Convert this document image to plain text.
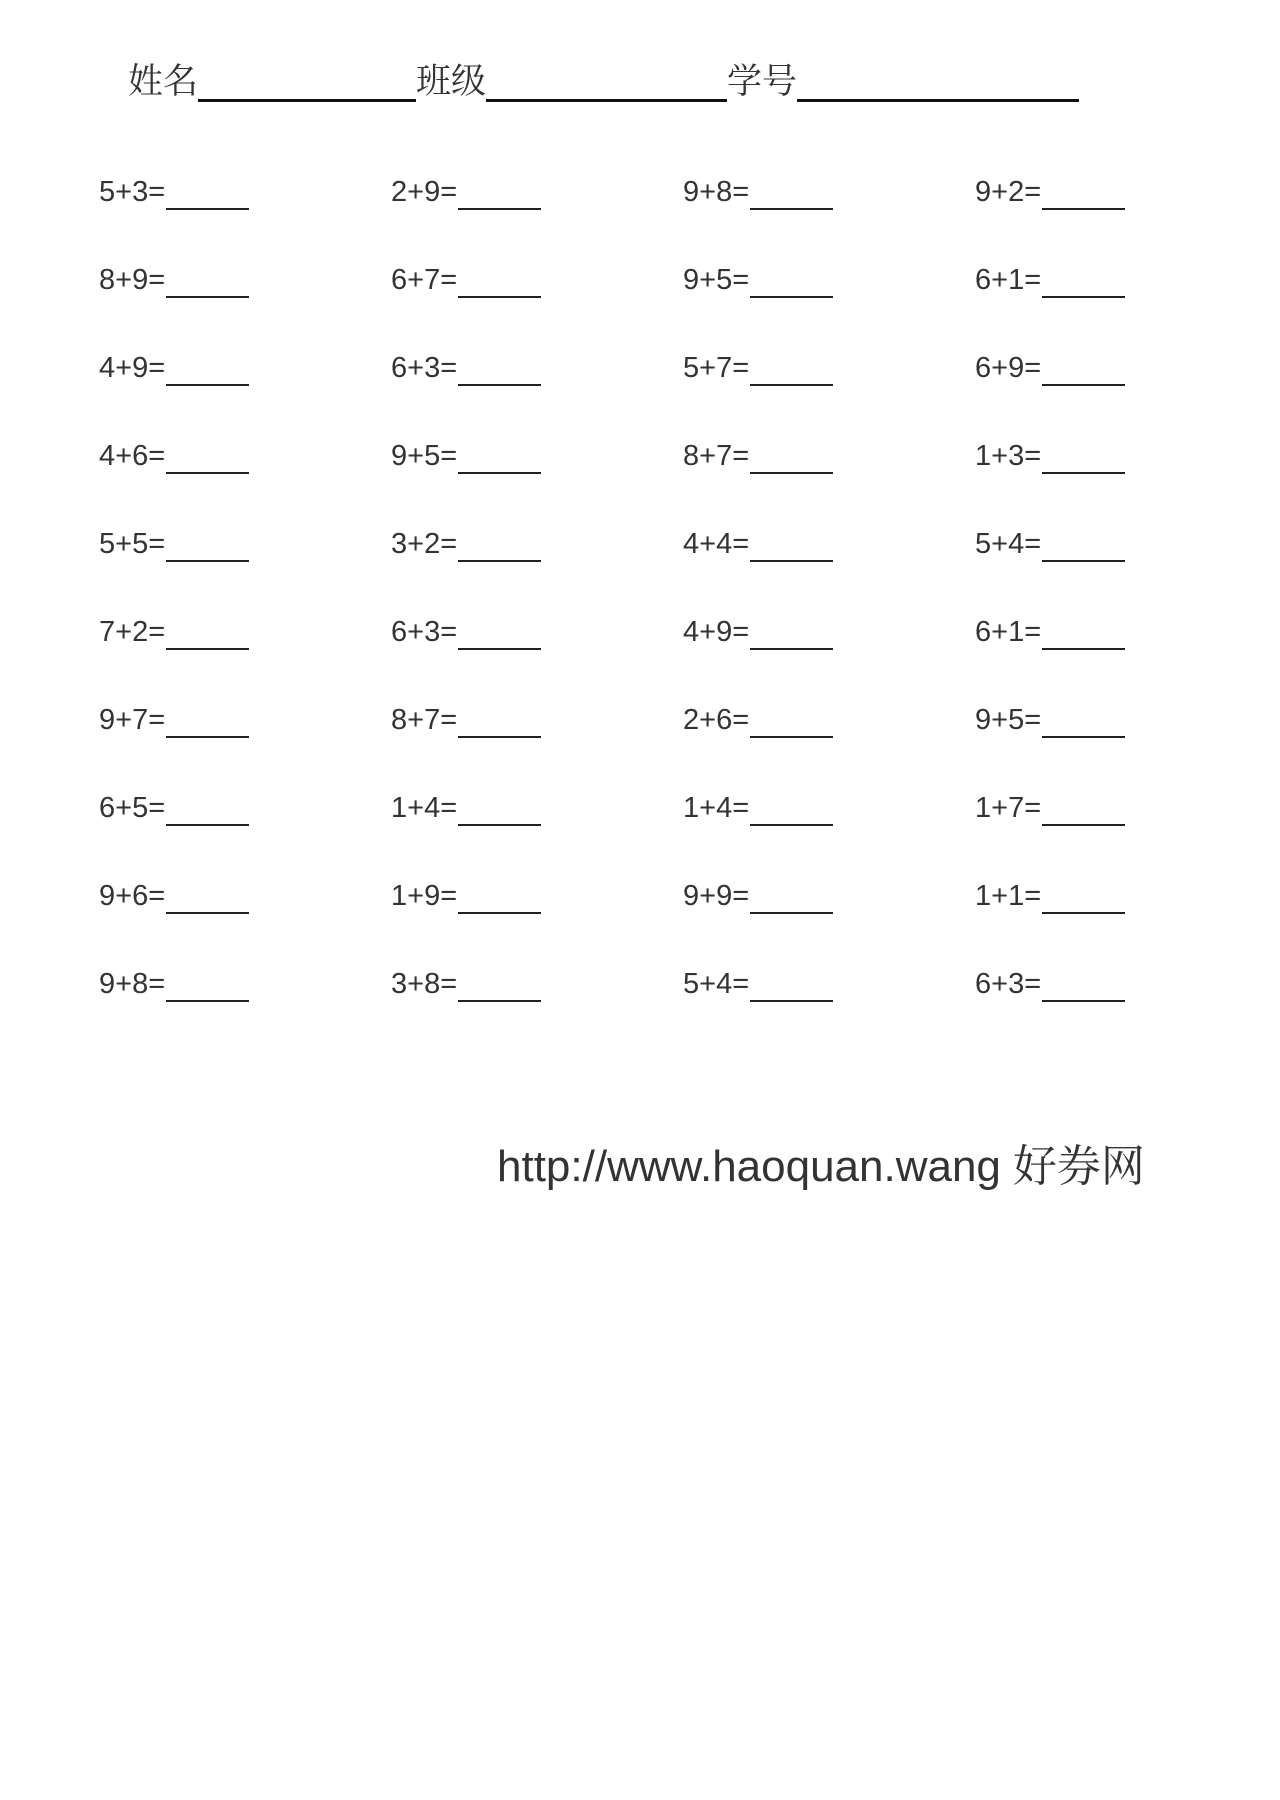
姓名	班级	学号
5+3=	2+9=	9+8=	9+2=
8+9=	6+7=	9+5=	6+1=
4+9=	6+3=	5+7=	6+9=
4+6=	9+5=	8+7=	1+3=
5+5=	3+2=	4+4=	5+4=
7+2=	6+3=	4+9=	6+1=
9+7=	8+7=	2+6=	9+5=
6+5=	1+4=	1+4=	1+7=
9+6=	1+9=	9+9=	1+1=
9+8=	3+8=	5+4=	6+3=
http://www.haoquan.wang 好券网
